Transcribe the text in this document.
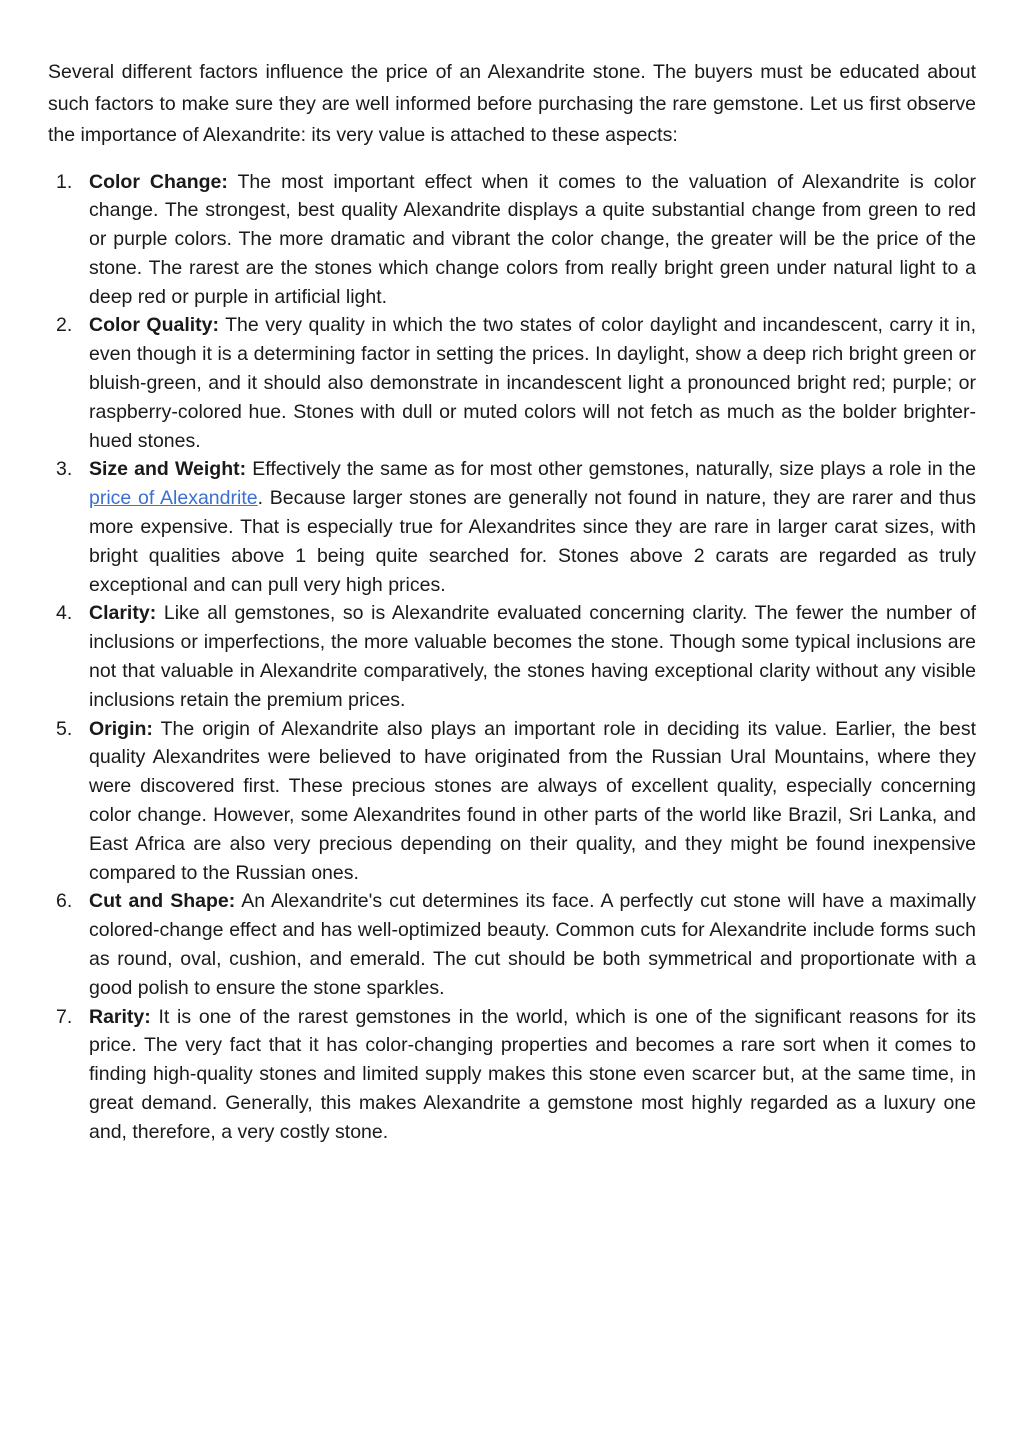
Several different factors influence the price of an Alexandrite stone. The buyers must be educated about such factors to make sure they are well informed before purchasing the rare gemstone. Let us first observe the importance of Alexandrite: its very value is attached to these aspects:

1. Color Change: The most important effect when it comes to the valuation of Alexandrite is color change. The strongest, best quality Alexandrite displays a quite substantial change from green to red or purple colors. The more dramatic and vibrant the color change, the greater will be the price of the stone. The rarest are the stones which change colors from really bright green under natural light to a deep red or purple in artificial light.
2. Color Quality: The very quality in which the two states of color daylight and incandescent, carry it in, even though it is a determining factor in setting the prices. In daylight, show a deep rich bright green or bluish-green, and it should also demonstrate in incandescent light a pronounced bright red; purple; or raspberry-colored hue. Stones with dull or muted colors will not fetch as much as the bolder brighter-hued stones.
3. Size and Weight: Effectively the same as for most other gemstones, naturally, size plays a role in the price of Alexandrite. Because larger stones are generally not found in nature, they are rarer and thus more expensive. That is especially true for Alexandrites since they are rare in larger carat sizes, with bright qualities above 1 being quite searched for. Stones above 2 carats are regarded as truly exceptional and can pull very high prices.
4. Clarity: Like all gemstones, so is Alexandrite evaluated concerning clarity. The fewer the number of inclusions or imperfections, the more valuable becomes the stone. Though some typical inclusions are not that valuable in Alexandrite comparatively, the stones having exceptional clarity without any visible inclusions retain the premium prices.
5. Origin: The origin of Alexandrite also plays an important role in deciding its value. Earlier, the best quality Alexandrites were believed to have originated from the Russian Ural Mountains, where they were discovered first. These precious stones are always of excellent quality, especially concerning color change. However, some Alexandrites found in other parts of the world like Brazil, Sri Lanka, and East Africa are also very precious depending on their quality, and they might be found inexpensive compared to the Russian ones.
6. Cut and Shape: An Alexandrite's cut determines its face. A perfectly cut stone will have a maximally colored-change effect and has well-optimized beauty. Common cuts for Alexandrite include forms such as round, oval, cushion, and emerald. The cut should be both symmetrical and proportionate with a good polish to ensure the stone sparkles.
7. Rarity: It is one of the rarest gemstones in the world, which is one of the significant reasons for its price. The very fact that it has color-changing properties and becomes a rare sort when it comes to finding high-quality stones and limited supply makes this stone even scarcer but, at the same time, in great demand. Generally, this makes Alexandrite a gemstone most highly regarded as a luxury one and, therefore, a very costly stone.
